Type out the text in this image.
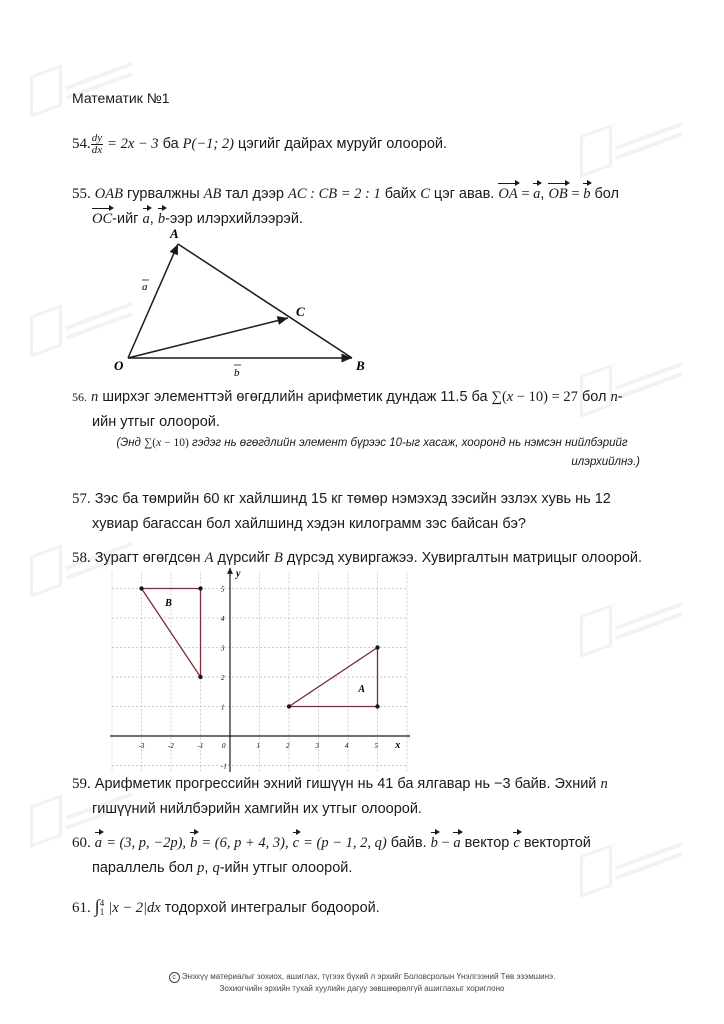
Математик №1
54. $\frac{dy}{dx} = 2x - 3$ ба P(−1; 2) цэгийг дайрах муруйг олоорой.
55. OAB гурвалжны AB тал дээр AC : CB = 2 : 1 байх C цэг авав. OA = a, OB = b бол
OC-ийг a, b-ээр илэрхийлээрэй.
A
B
C
O
a
b
56. n ширхэг элементтэй өгөгдлийн арифметик дундаж 11.5 ба ∑(x − 10) = 27 бол n-
ийн утгыг олоорой.
(Энд ∑(x − 10) гэдэг нь өгөгдлийн элемент бүрээс 10-ыг хасаж, хооронд нь нэмсэн нийлбэрийг
илэрхийлнэ.)
57. Зэс ба төмрийн 60 кг хайлшинд 15 кг төмөр нэмэхэд зэсийн эзлэх хувь нь 12
хувиар багассан бол хайлшинд хэдэн килограмм зэс байсан бэ?
58. Зурагт өгөгдсөн A дүрсийг B дүрсэд хувиргажээ. Хувиргалтын матрицыг олоорой.
x
y
-3	-2	-1	0	1	2	3	4	5
1
2
3
4
5
-1
A
B
59. Арифметик прогрессийн эхний гишүүн нь 41 ба ялгавар нь −3 байв. Эхний n
гишүүний нийлбэрийн хамгийн их утгыг олоорой.
60. a = (3, p, −2p), b = (6, p + 4, 3), c = (p − 1, 2, q) байв. b − a вектор c вектортой
параллель бол p, q-ийн утгыг олоорой.
61. ∫ 4
1 |x − 2|dx тодорхой интегралыг бодоорой.
c Энэхүү материалыг зохиох, ашиглах, түгээх бүхий л эрхийг Боловсролын Үнэлгээний Төв эзэмшинэ.
Зохиогчийн эрхийн тухай хуулийн дагуу зөвшөөрөлгүй ашиглахыг хориглоно
